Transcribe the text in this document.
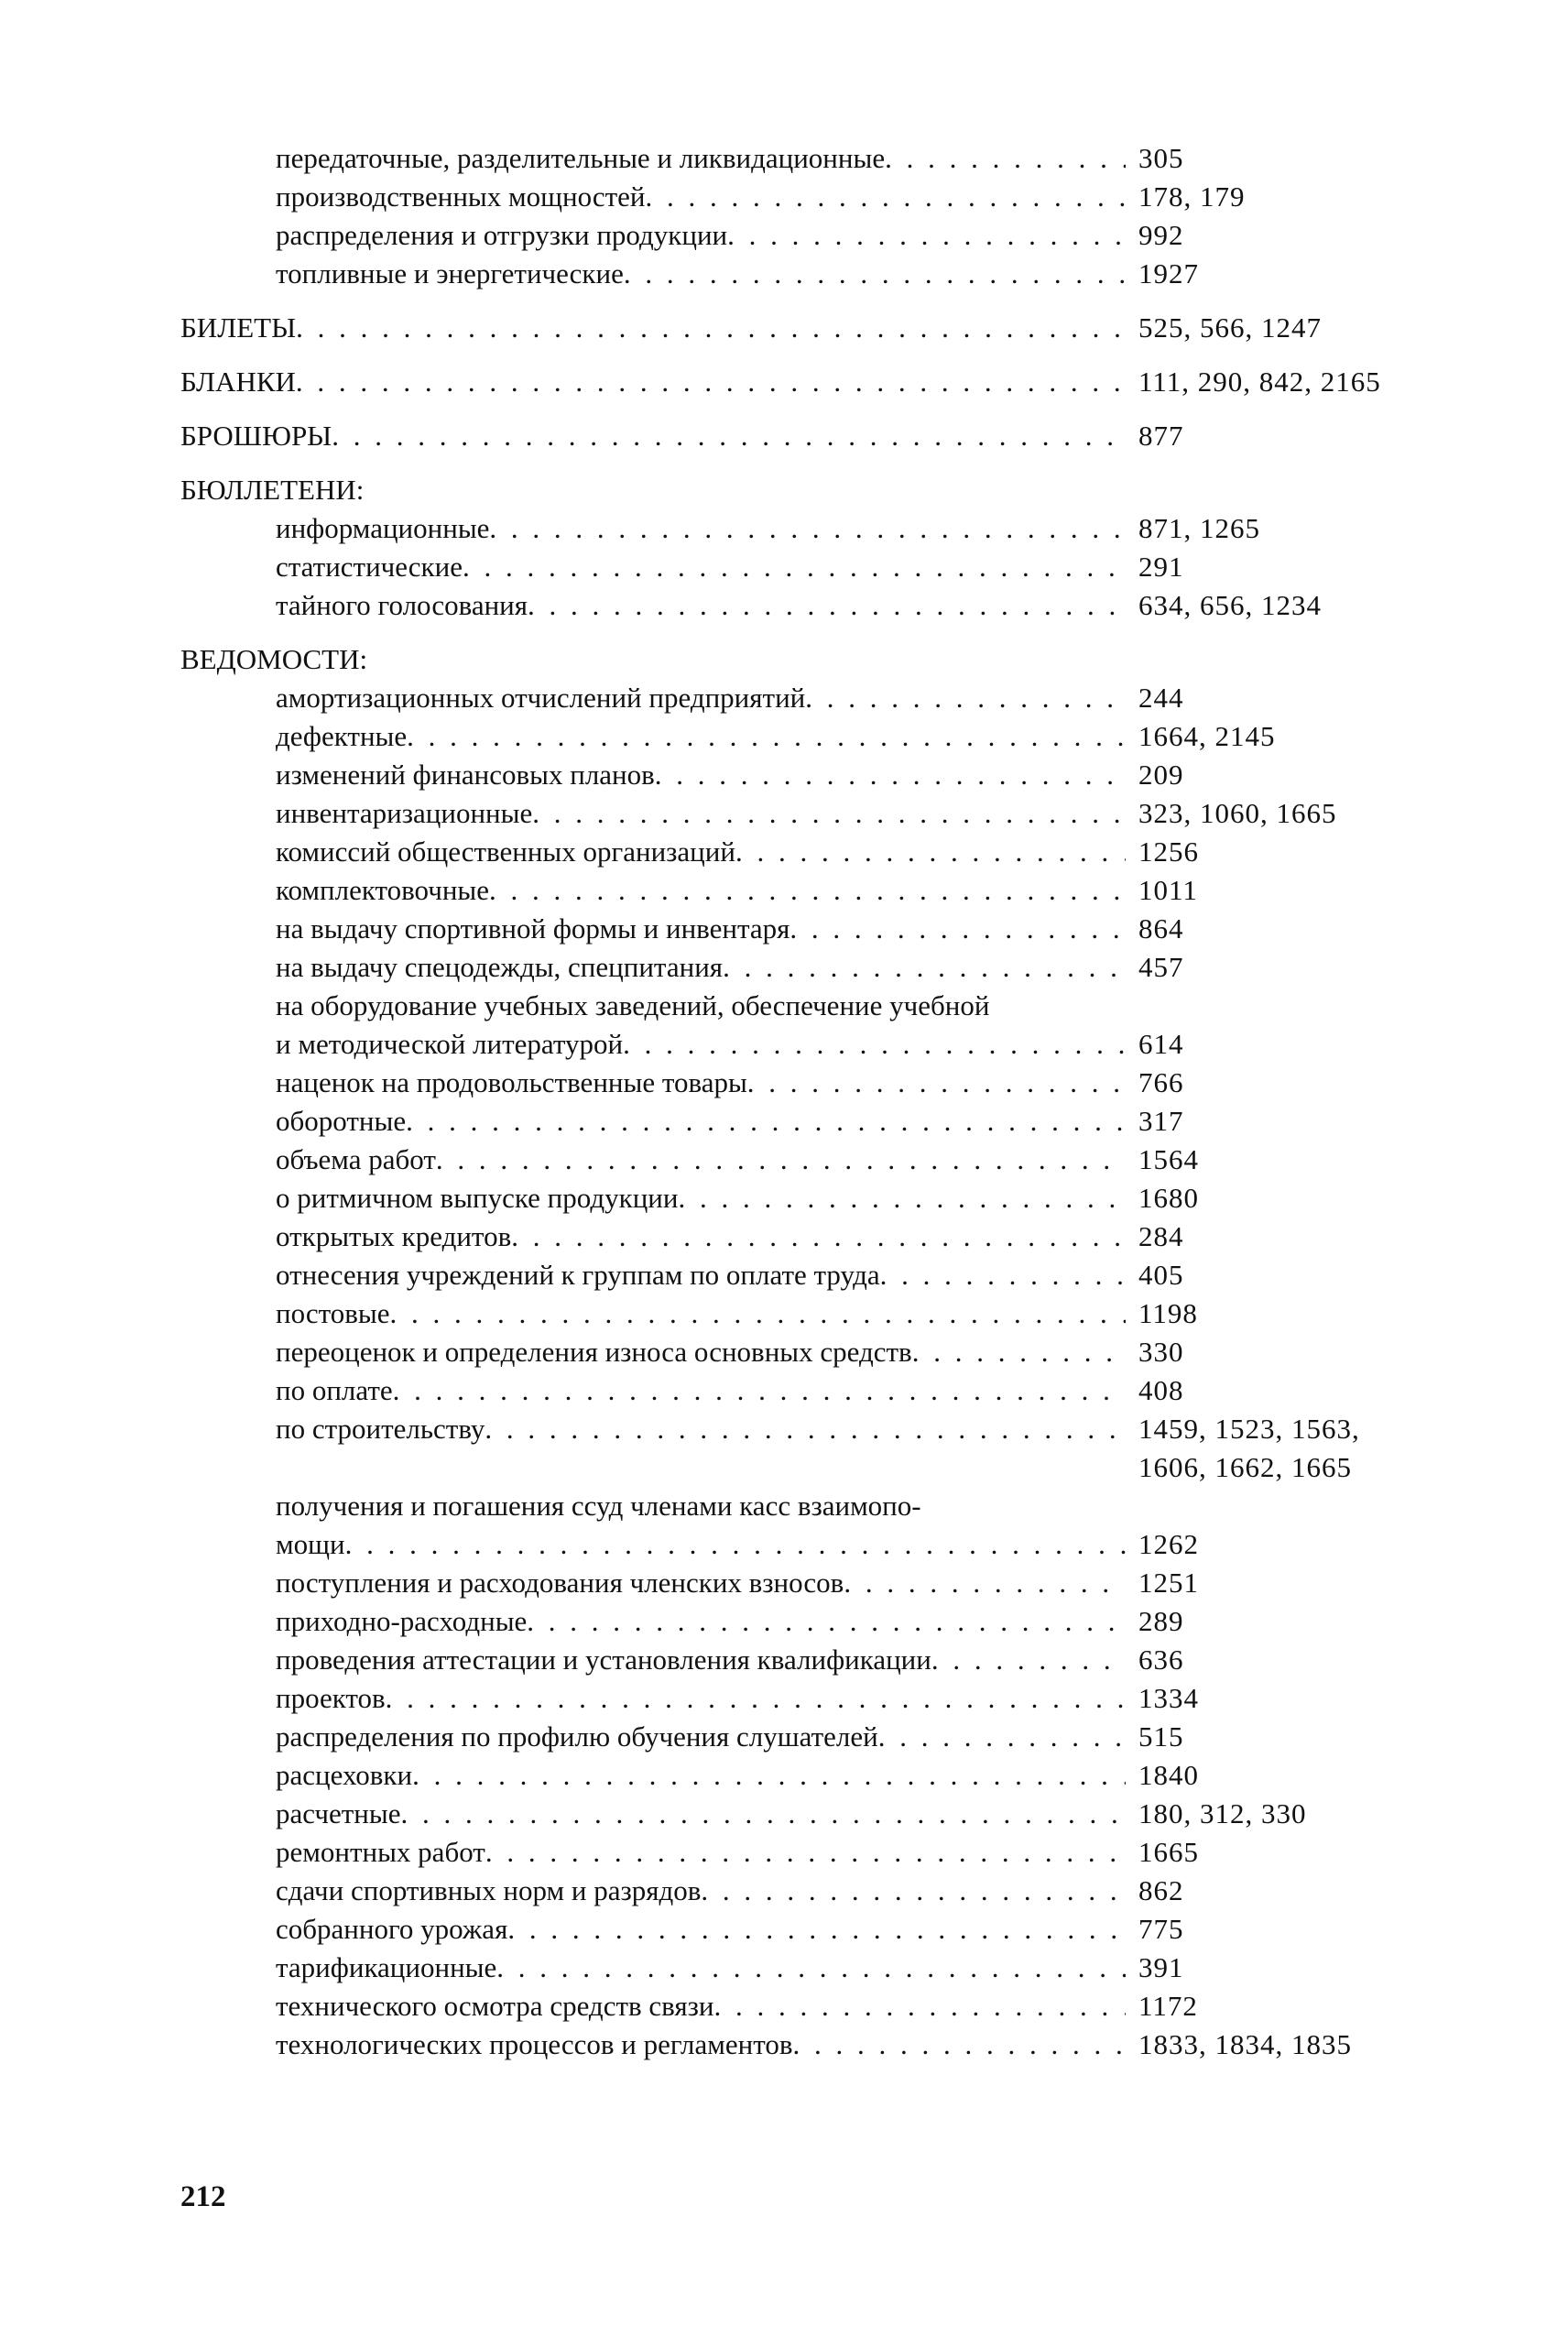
передаточные, разделительные и ликвидационные . . .	305
производственных мощностей . . .	178, 179
распределения и отгрузки продукции . . .	992
топливные и энергетические . . .	1927
БИЛЕТЫ . . .	525, 566, 1247
БЛАНКИ . . .	111, 290, 842, 2165
БРОШЮРЫ . . .	877
БЮЛЛЕТЕНИ:
информационные . . .	871, 1265
статистические . . .	291
тайного голосования . . .	634, 656, 1234
ВЕДОМОСТИ:
амортизационных отчислений предприятий . . .	244
дефектные . . .	1664, 2145
изменений финансовых планов . . .	209
инвентаризационные . . .	323, 1060, 1665
комиссий общественных организаций . . .	1256
комплектовочные . . .	1011
на выдачу спортивной формы и инвентаря . . .	864
на выдачу спецодежды, спецпитания . . .	457
на оборудование учебных заведений, обеспечение учебной
и методической литературой . . .	614
наценок на продовольственные товары . . .	766
оборотные . . .	317
объема работ . . .	1564
о ритмичном выпуске продукции . . .	1680
открытых кредитов . . .	284
отнесения учреждений к группам по оплате труда . . .	405
постовые . . .	1198
переоценок и определения износа основных средств . . .	330
по оплате . . .	408
по строительству . . .	1459, 1523, 1563,
1606, 1662, 1665
получения и погашения ссуд членами касс взаимопо-
мощи . . .	1262
поступления и расходования членских взносов . . .	1251
приходно-расходные . . .	289
проведения аттестации и установления квалификации . . .	636
проектов . . .	1334
распределения по профилю обучения слушателей . . .	515
расцеховки . . .	1840
расчетные . . .	180, 312, 330
ремонтных работ . . .	1665
сдачи спортивных норм и разрядов . . .	862
собранного урожая . . .	775
тарификационные . . .	391
технического осмотра средств связи . . .	1172
технологических процессов и регламентов . . .	1833, 1834, 1835
212
